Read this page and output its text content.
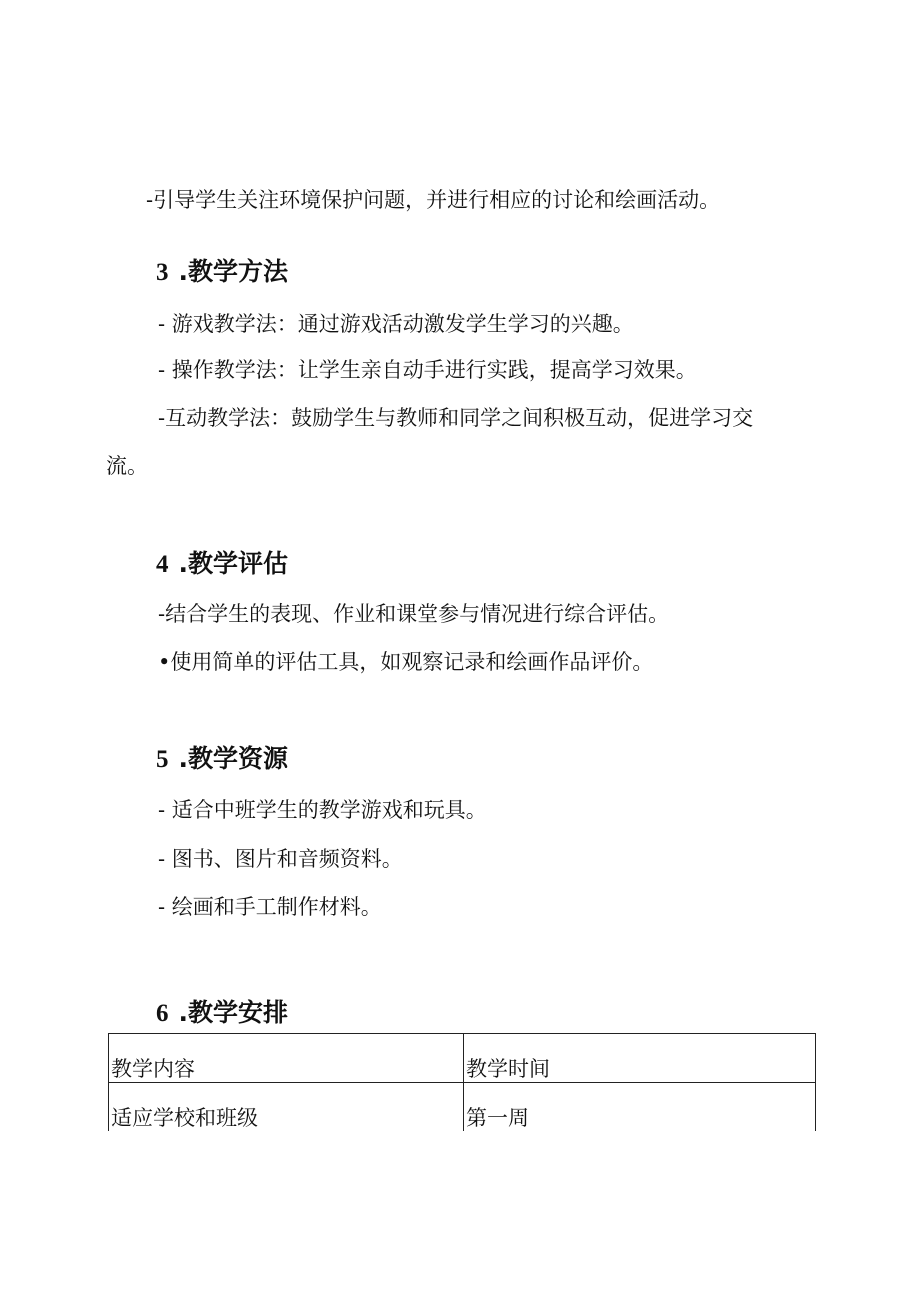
-引导学生关注环境保护问题，并进行相应的讨论和绘画活动。
3 .教学方法
- 游戏教学法：通过游戏活动激发学生学习的兴趣。
- 操作教学法：让学生亲自动手进行实践，提高学习效果。
-互动教学法：鼓励学生与教师和同学之间积极互动，促进学习交
流。
4 .教学评估
-结合学生的表现、作业和课堂参与情况进行综合评估。
•使用简单的评估工具，如观察记录和绘画作品评价。
5 .教学资源
- 适合中班学生的教学游戏和玩具。
- 图书、图片和音频资料。
- 绘画和手工制作材料。
6 .教学安排
教学内容	教学时间
适应学校和班级	第一周
